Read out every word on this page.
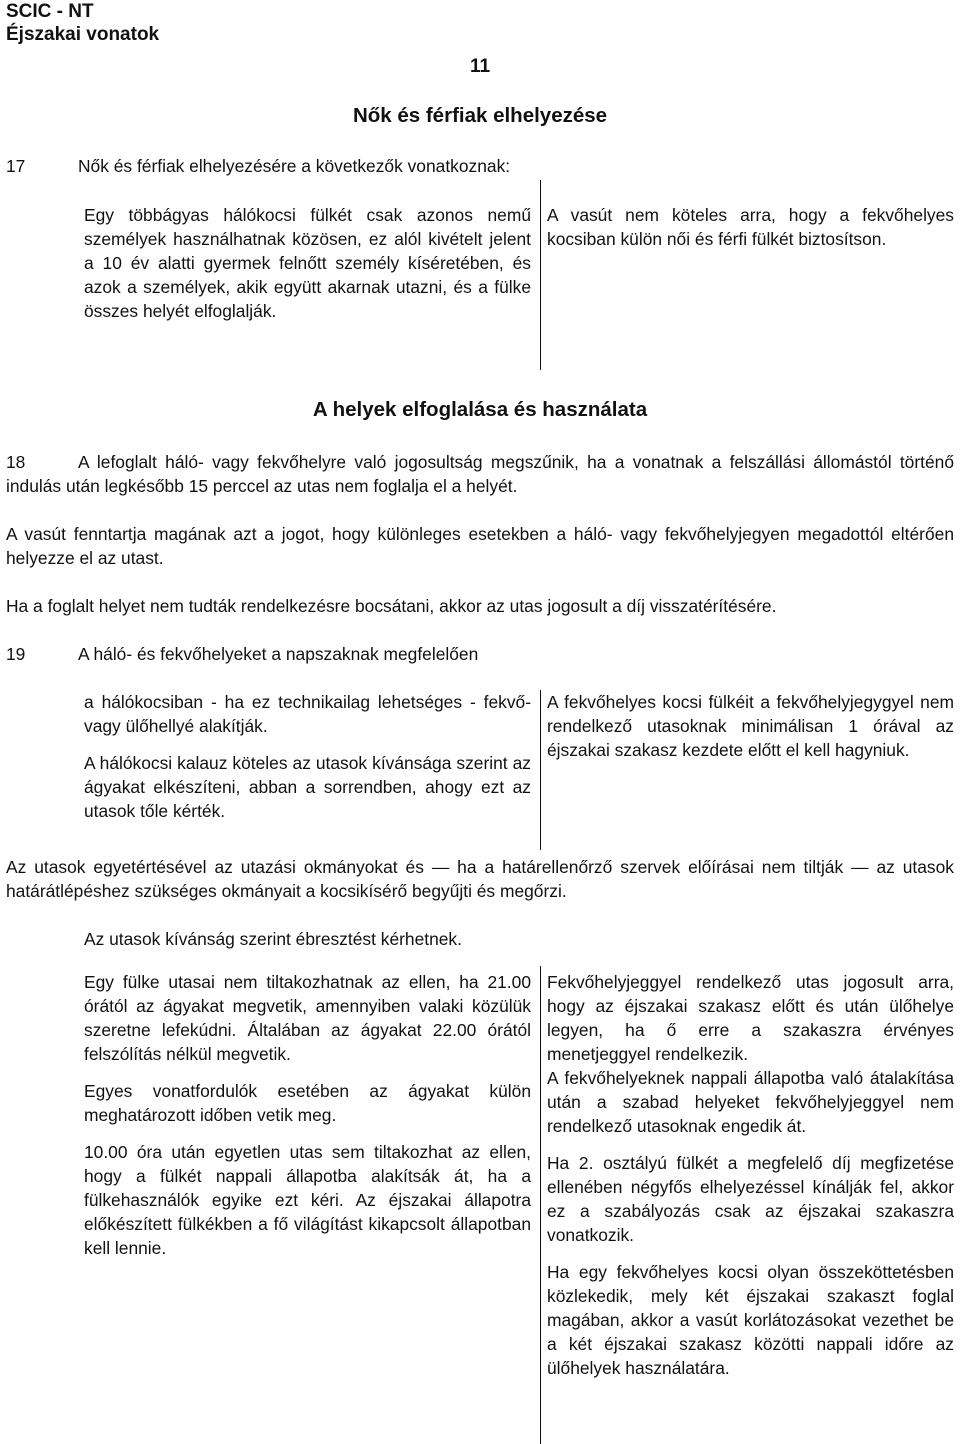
SCIC - NT
Éjszakai vonatok
11
Nők és férfiak elhelyezése
17	Nők és férfiak elhelyezésére a következők vonatkoznak:
Egy többágyas hálókocsi fülkét csak azonos nemű személyek használhatnak közösen, ez alól kivételt jelent a 10 év alatti gyermek felnőtt személy kíséretében, és azok a személyek, akik együtt akarnak utazni, és a fülke összes helyét elfoglalják.
A vasút nem köteles arra, hogy a fekvőhelyes kocsiban külön női és férfi fülkét biztosítson.
A helyek elfoglalása és használata
18	A lefoglalt háló- vagy fekvőhelyre való jogosultság megszűnik, ha a vonatnak a felszállási állomástól történő indulás után legkésőbb 15 perccel az utas nem foglalja el a helyét.
A vasút fenntartja magának azt a jogot, hogy különleges esetekben a háló- vagy fekvőhelyjegyen megadottól eltérően helyezze el az utast.
Ha a foglalt helyet nem tudták rendelkezésre bocsátani, akkor az utas jogosult a díj visszatérítésére.
19	A háló- és fekvőhelyeket a napszaknak megfelelően

a hálókocsiban - ha ez technikailag lehetséges - fekvő- vagy ülőhellyé alakítják.

A hálókocsi kalauz köteles az utasok kívánsága szerint az ágyakat elkészíteni, abban a sorrendben, ahogy ezt az utasok tőle kérték.

A fekvőhelyes kocsi fülkéit a fekvőhelyjegygyel nem rendelkező utasoknak minimálisan 1 órával az éjszakai szakasz kezdete előtt el kell hagyniuk.
Az utasok egyetértésével az utazási okmányokat és — ha a határellenőrző szervek előírásai nem tiltják — az utasok határátlépéshez szükséges okmányait a kocsikísérő begyűjti és megőrzi.
Az utasok kívánság szerint ébresztést kérhetnek.

Egy fülke utasai nem tiltakozhatnak az ellen, ha 21.00 órától az ágyakat megvetik, amennyiben valaki közülük szeretne lefekúdni. Általában az ágyakat 22.00 órától felszólítás nélkül megvetik.

Egyes vonatfordulók esetében az ágyakat külön meghatározott időben vetik meg.

10.00 óra után egyetlen utas sem tiltakozhat az ellen, hogy a fülkét nappali állapotba alakítsák át, ha a fülkehasználók egyike ezt kéri. Az éjszakai állapotra előkészített fülkékben a fő világítást kikapcsolt állapotban kell lennie.

Fekvőhelyjeggyel rendelkező utas jogosult arra, hogy az éjszakai szakasz előtt és után ülőhelye legyen, ha ő erre a szakaszra érvényes menetjeggyel rendelkezik.

A fekvőhelyeknek nappali állapotba való átalakítása után a szabad helyeket fekvőhelyjeggyel nem rendelkező utasoknak engedik át.

Ha 2. osztályú fülkét a megfelelő díj megfizetése ellenében négyfős elhelyezéssel kínálják fel, akkor ez a szabályozás csak az éjszakai szakaszra vonatkozik.

Ha egy fekvőhelyes kocsi olyan összeköttetésben közlekedik, mely két éjszakai szakaszt foglal magában, akkor a vasút korlátozásokat vezethet be a két éjszakai szakasz közötti nappali időre az ülőhelyek használatára.
